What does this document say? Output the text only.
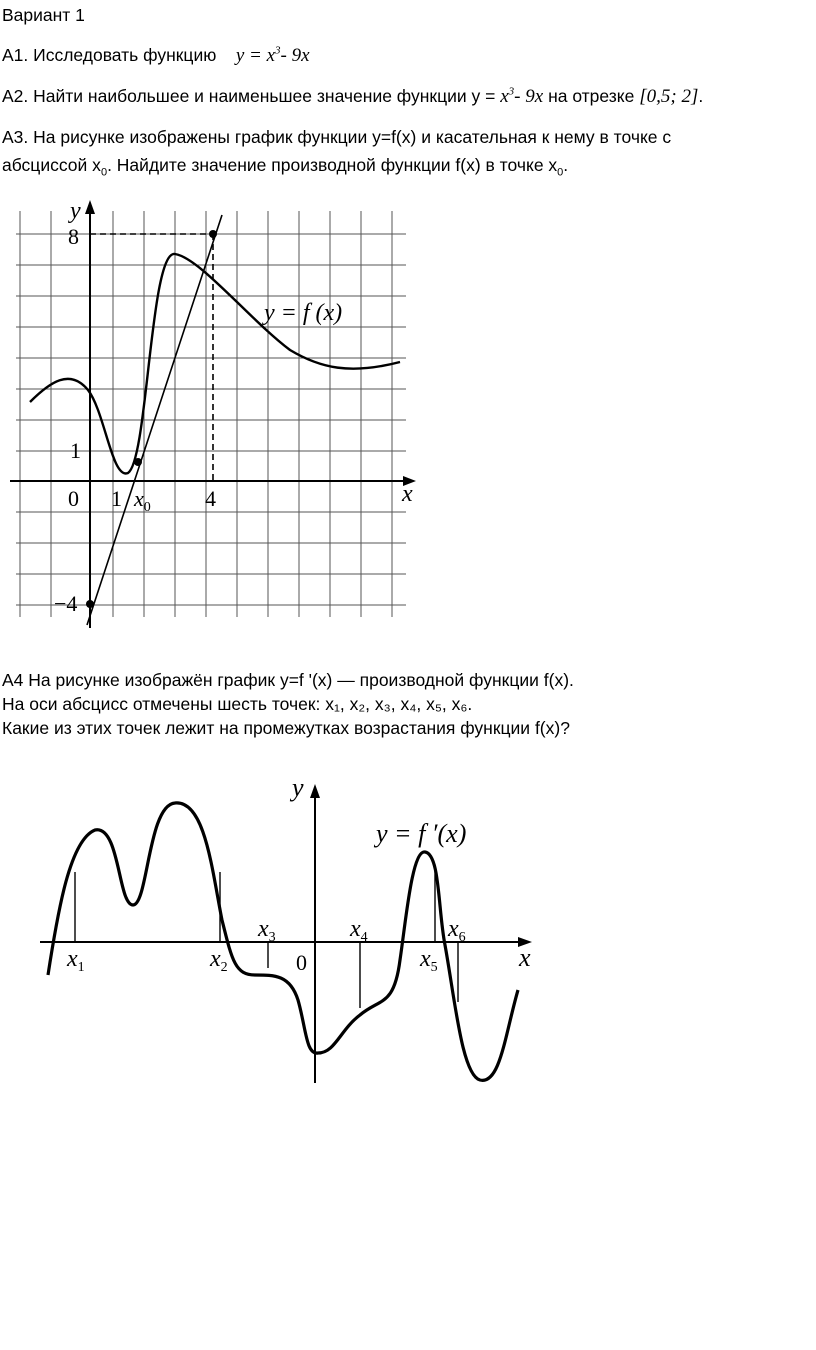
Вариант 1
А1. Исследовать функцию $y = x^3-$ 9x
А2. Найти наибольшее и наименьшее значение функции $у = x^3-$ 9x на отрезке [0,5; 2].
А3. На рисунке изображены график функции y=f(x) и касательная к нему в точке с
абсциссой $x_0$. Найдите значение производной функции f(x) в точке $x_0$.
y
x
y = f (x)
8
1
0 1 $x_0$ 4
−4
А4 На рисунке изображён график y=f '(x) — производной функции f(x).
На оси абсцисс отмечены шесть точек: x₁, x₂, x₃, x₄, x₅, x₆.
Какие из этих точек лежит на промежутках возрастания функции f(x)?
y
x
y = f ′(x)
0
$x_1$	$x_2$
$x_3$	$x_4$
$x_5$
$x_6$
